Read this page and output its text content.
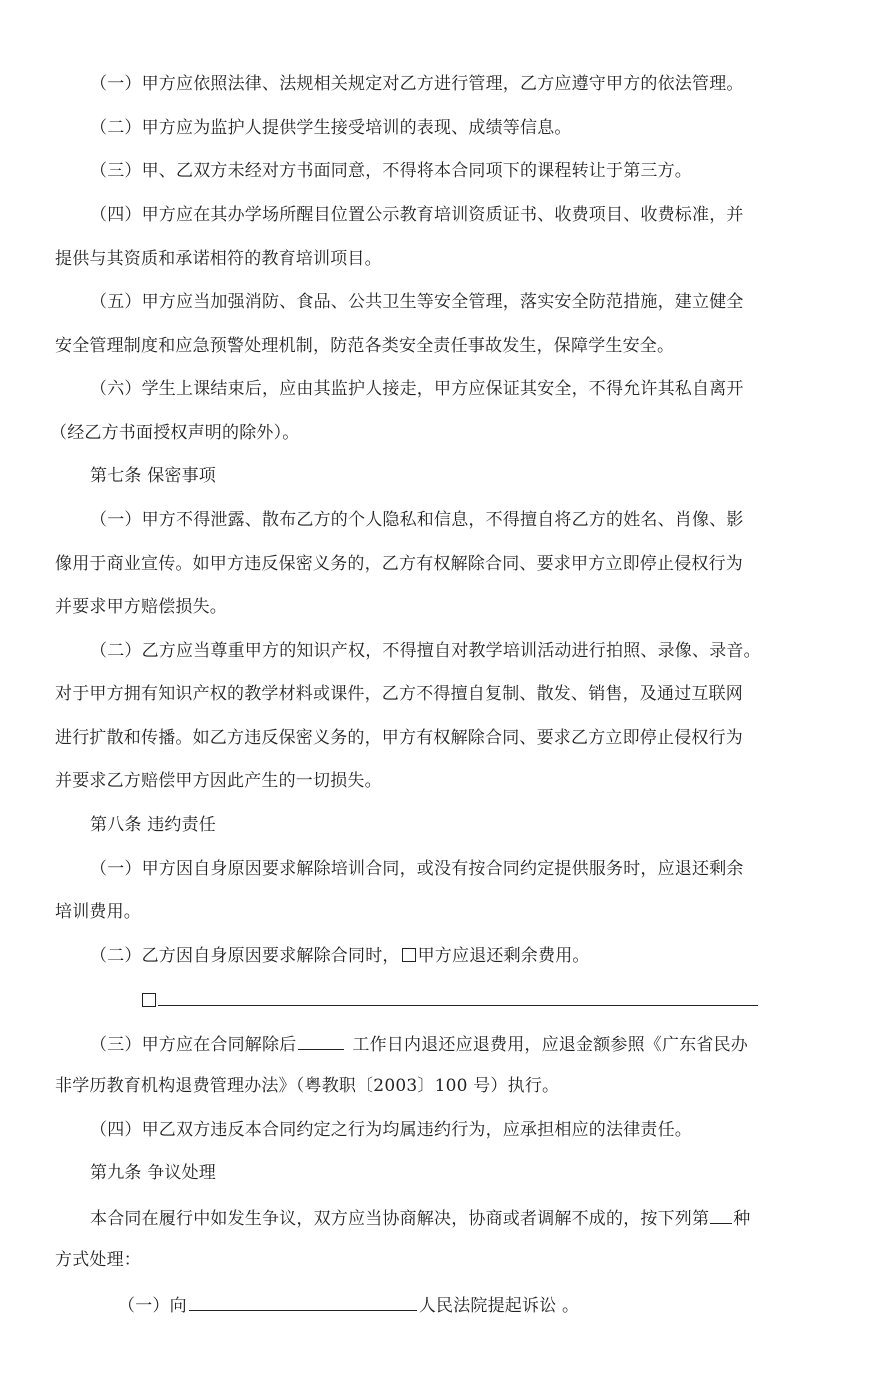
（一）甲方应依照法律、法规相关规定对乙方进行管理，乙方应遵守甲方的依法管理。
（二）甲方应为监护人提供学生接受培训的表现、成绩等信息。
（三）甲、乙双方未经对方书面同意，不得将本合同项下的课程转让于第三方。
（四）甲方应在其办学场所醒目位置公示教育培训资质证书、收费项目、收费标准，并
提供与其资质和承诺相符的教育培训项目。
（五）甲方应当加强消防、食品、公共卫生等安全管理，落实安全防范措施，建立健全
安全管理制度和应急预警处理机制，防范各类安全责任事故发生，保障学生安全。
（六）学生上课结束后，应由其监护人接走，甲方应保证其安全，不得允许其私自离开
（经乙方书面授权声明的除外）。
第七条 保密事项
（一）甲方不得泄露、散布乙方的个人隐私和信息，不得擅自将乙方的姓名、肖像、影
像用于商业宣传。如甲方违反保密义务的，乙方有权解除合同、要求甲方立即停止侵权行为
并要求甲方赔偿损失。
（二）乙方应当尊重甲方的知识产权，不得擅自对教学培训活动进行拍照、录像、录音。
对于甲方拥有知识产权的教学材料或课件，乙方不得擅自复制、散发、销售，及通过互联网
进行扩散和传播。如乙方违反保密义务的，甲方有权解除合同、要求乙方立即停止侵权行为
并要求乙方赔偿甲方因此产生的一切损失。
第八条 违约责任
（一）甲方因自身原因要求解除培训合同，或没有按合同约定提供服务时，应退还剩余
培训费用。
（二）乙方因自身原因要求解除合同时， 甲方应退还剩余费用。
（三）甲方应在合同解除后	工作日内退还应退费用，应退金额参照《广东省民办
非学历教育机构退费管理办法》（粤教职〔2003〕100 号）执行。
（四）甲乙双方违反本合同约定之行为均属违约行为，应承担相应的法律责任。
第九条 争议处理
本合同在履行中如发生争议，双方应当协商解决，协商或者调解不成的，按下列第 种
方式处理：
（一）向	人民法院提起诉讼 。
